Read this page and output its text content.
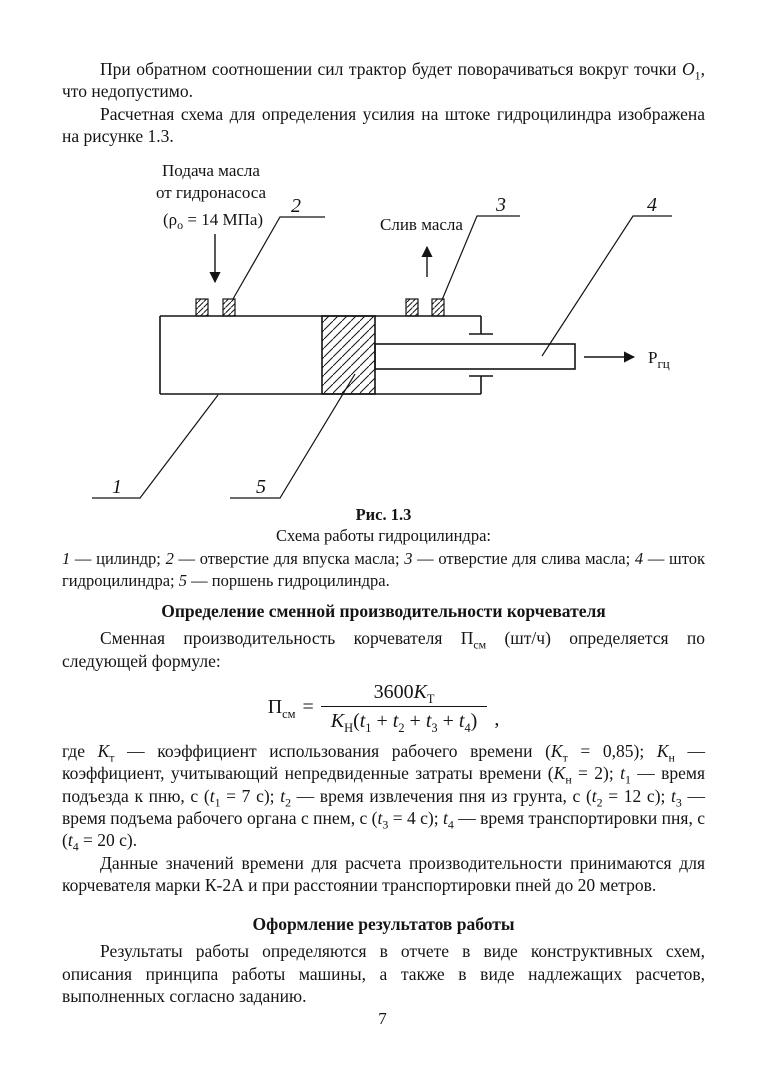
При обратном соотношении сил трактор будет поворачиваться вокруг точки $О_1$, что недопустимо.

Расчетная схема для определения усилия на штоке гидроцилиндра изображена на рисунке 1.3.

Подача масла
от гидронасоса
($\rho_о = 14$ МПа)	Слив масла
$Р_{гц}$
2	3	4
1	5
Рис. 1.3
Схема работы гидроцилиндра:

1 — цилиндр; 2 — отверстие для впуска масла; 3 — отверстие для слива масла; 4 — шток гидроцилиндра; 5 — поршень гидроцилиндра.

Определение сменной производительности корчевателя

Сменная производительность корчевателя $П_{см}$ (шт/ч) определяется по следующей формуле:

$П_{см} = \frac{3600K_Т}{K_Н(t_1 + t_2 + t_3 + t_4)}$ ,

где $K_т$ — коэффициент использования рабочего времени $(K_т = 0,85)$; $K_н$ — коэффициент, учитывающий непредвиденные затраты времени $(K_н = 2)$; $t_1$ — время подъезда к пню, с ($t_1 = 7$ с); $t_2$ — время извлечения пня из грунта, с ($t_2 = 12$ с); $t_3$ — время подъема рабочего органа с пнем, с ($t_3 = 4$ с); $t_4$ — время транспортировки пня, с ($t_4 = 20$ с).

Данные значений времени для расчета производительности принимаются для корчевателя марки К-2А и при расстоянии транспортировки пней до 20 метров.

Оформление результатов работы

Результаты работы определяются в отчете в виде конструктивных схем, описания принципа работы машины, а также в виде надлежащих расчетов, выполненных согласно заданию.

7
